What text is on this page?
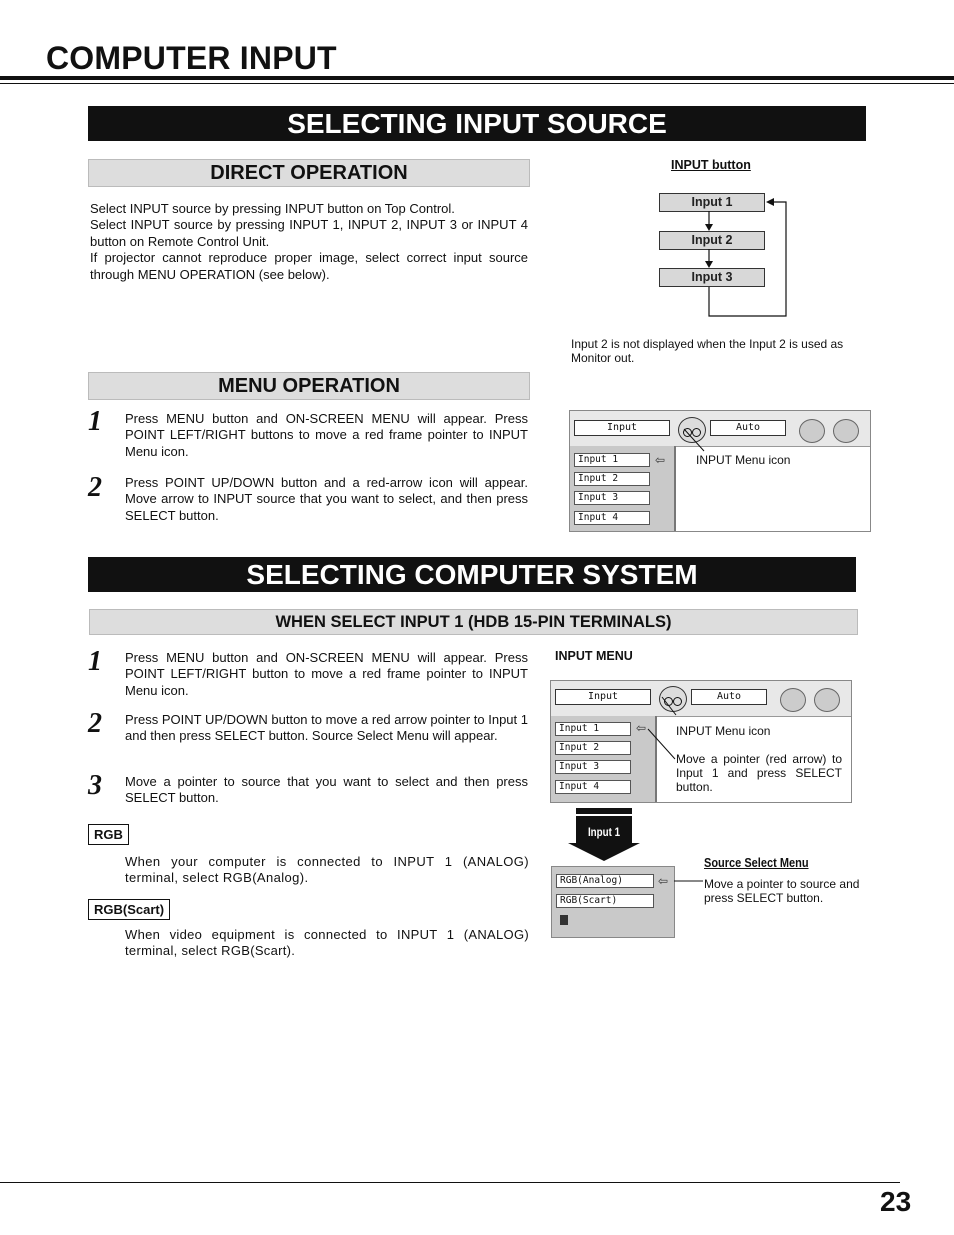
COMPUTER INPUT
SELECTING INPUT SOURCE
DIRECT OPERATION
Select INPUT source by pressing INPUT button on Top Control.
Select INPUT source by pressing INPUT 1, INPUT 2, INPUT 3 or INPUT 4 button on Remote Control Unit.
If projector cannot reproduce proper image, select correct input source through MENU OPERATION (see below).
INPUT button
Input 1
Input 2
Input 3
Input 2 is not displayed when the Input 2 is used as Monitor out.
MENU OPERATION
1 Press MENU button and ON-SCREEN MENU will appear. Press POINT LEFT/RIGHT buttons to move a red frame pointer to INPUT Menu icon.
2 Press POINT UP/DOWN button and a red-arrow icon will appear. Move arrow to INPUT source that you want to select, and then press SELECT button.
Input	Auto
Input 1
Input 2
Input 3
Input 4
⇦	INPUT Menu icon
SELECTING COMPUTER SYSTEM
WHEN SELECT INPUT 1 (HDB 15-PIN TERMINALS)
1 Press MENU button and ON-SCREEN MENU will appear. Press POINT LEFT/RIGHT button to move a red frame pointer to INPUT Menu icon.
2 Press POINT UP/DOWN button to move a red arrow pointer to Input 1 and then press SELECT button. Source Select Menu will appear.
3 Move a pointer to source that you want to select and then press SELECT button.
RGB
When your computer is connected to INPUT 1 (ANALOG) terminal, select RGB(Analog).
RGB(Scart)
When video equipment is connected to INPUT 1 (ANALOG) terminal, select RGB(Scart).
INPUT MENU
Input	Auto
Input 1
Input 2
Input 3
Input 4
⇦ INPUT Menu icon
Move a pointer (red arrow) to Input 1 and press SELECT button.
Input 1
Source Select Menu
RGB(Analog)
RGB(Scart)
⇦	Move a pointer to source and press SELECT button.
23
